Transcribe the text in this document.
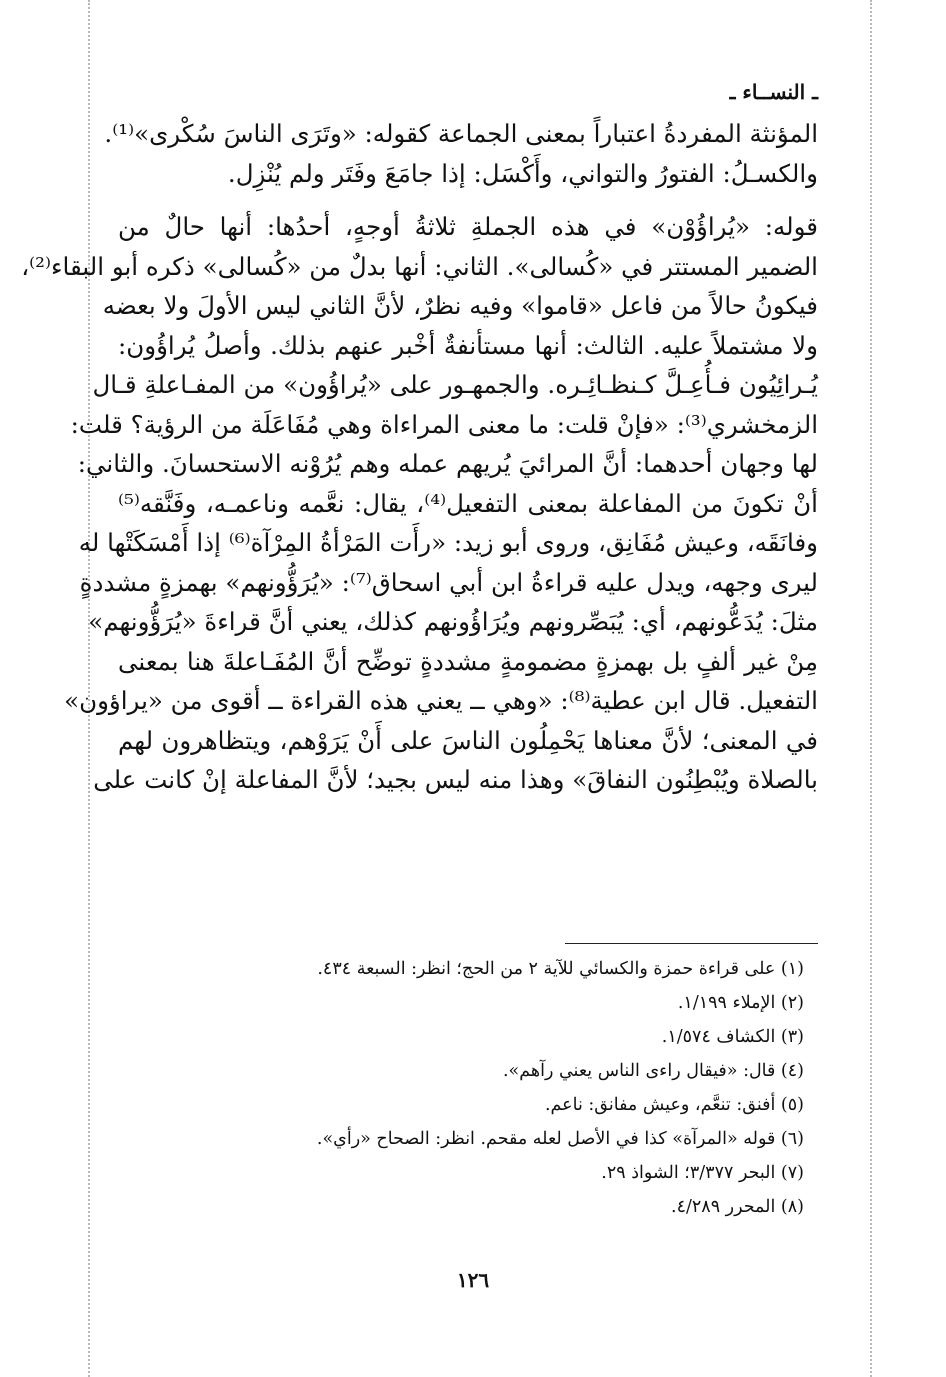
ـ النســاء ـ

المؤنثة المفردةُ اعتباراً بمعنى الجماعة كقوله: «وتَرَى الناسَ سُكْرى»⁽¹⁾.

والكسـلُ: الفتورُ والتواني، وأَكْسَل: إذا جامَعَ وفَتَر ولم يُنْزِل.

قوله: «يُراؤُوْن» في هذه الجملةِ ثلاثةُ أوجهٍ، أحدُها: أنها حالٌ من

الضمير المستتر في «كُسالى». الثاني: أنها بدلٌ من «كُسالى» ذكره أبو البقاء⁽²⁾،

فيكونُ حالاً من فاعل «قاموا» وفيه نظرٌ، لأنَّ الثاني ليس الأولَ ولا بعضه

ولا مشتملاً عليه. الثالث: أنها مستأنفةٌ أخْبر عنهم بذلك. وأصلُ يُراؤُون:

يُـرائِيُون فـأُعِـلَّ كـنظـائِـره. والجمهـور على «يُراؤُون» من المفـاعلةِ قـال

الزمخشري⁽³⁾: «فإنْ قلت: ما معنى المراءاة وهي مُفَاعَلَة من الرؤية؟ قلت:

لها وجهان أحدهما: أنَّ المرائيَ يُريهم عمله وهم يُرُوْنه الاستحسانَ. والثاني:

أنْ تكونَ من المفاعلة بمعنى التفعيل⁽⁴⁾، يقال: نعَّمه وناعمـه، وفَنَّقه⁽⁵⁾

وفانَقَه، وعيش مُفَانِق، وروى أبو زيد: «رأَت المَرْأةُ المِرْآة⁽⁶⁾ إذا أَمْسَكَتْها له

ليرى وجهه، ويدل عليه قراءةُ ابن أبي اسحاق⁽⁷⁾: «يُرَؤُّونهم» بهمزةٍ مشددةٍ

مثلَ: يُدَعُّونهم، أي: يُبَصِّرونهم ويُرَاؤُونهم كذلك، يعني أنَّ قراءةَ «يُرَؤُّونهم»

مِنْ غير ألفٍ بل بهمزةٍ مضمومةٍ مشددةٍ توضِّح أنَّ المُفَـاعلةَ هنا بمعنى

التفعيل. قال ابن عطية⁽⁸⁾: «وهي ــ يعني هذه القراءة ــ أقوى من «يراؤون»

في المعنى؛ لأنَّ معناها يَحْمِلُون الناسَ على أَنْ يَرَوْهم، ويتظاهرون لهم

بالصلاة ويُبْطِنُون النفاقَ» وهذا منه ليس بجيد؛ لأنَّ المفاعلة إنْ كانت على

(١) على قراءة حمزة والكسائي للآية ٢ من الحج؛ انظر: السبعة ٤٣٤.
(٢) الإملاء ١/١٩٩.
(٣) الكشاف ١/٥٧٤.
(٤) قال: «فيقال راءى الناس يعني رآهم».
(٥) أفنق: تنعَّم، وعيش مفانق: ناعم.
(٦) قوله «المرآة» كذا في الأصل لعله مقحم. انظر: الصحاح «رأي».
(٧) البحر ٣/٣٧٧؛ الشواذ ٢٩.
(٨) المحرر ٤/٢٨٩.
١٢٦
